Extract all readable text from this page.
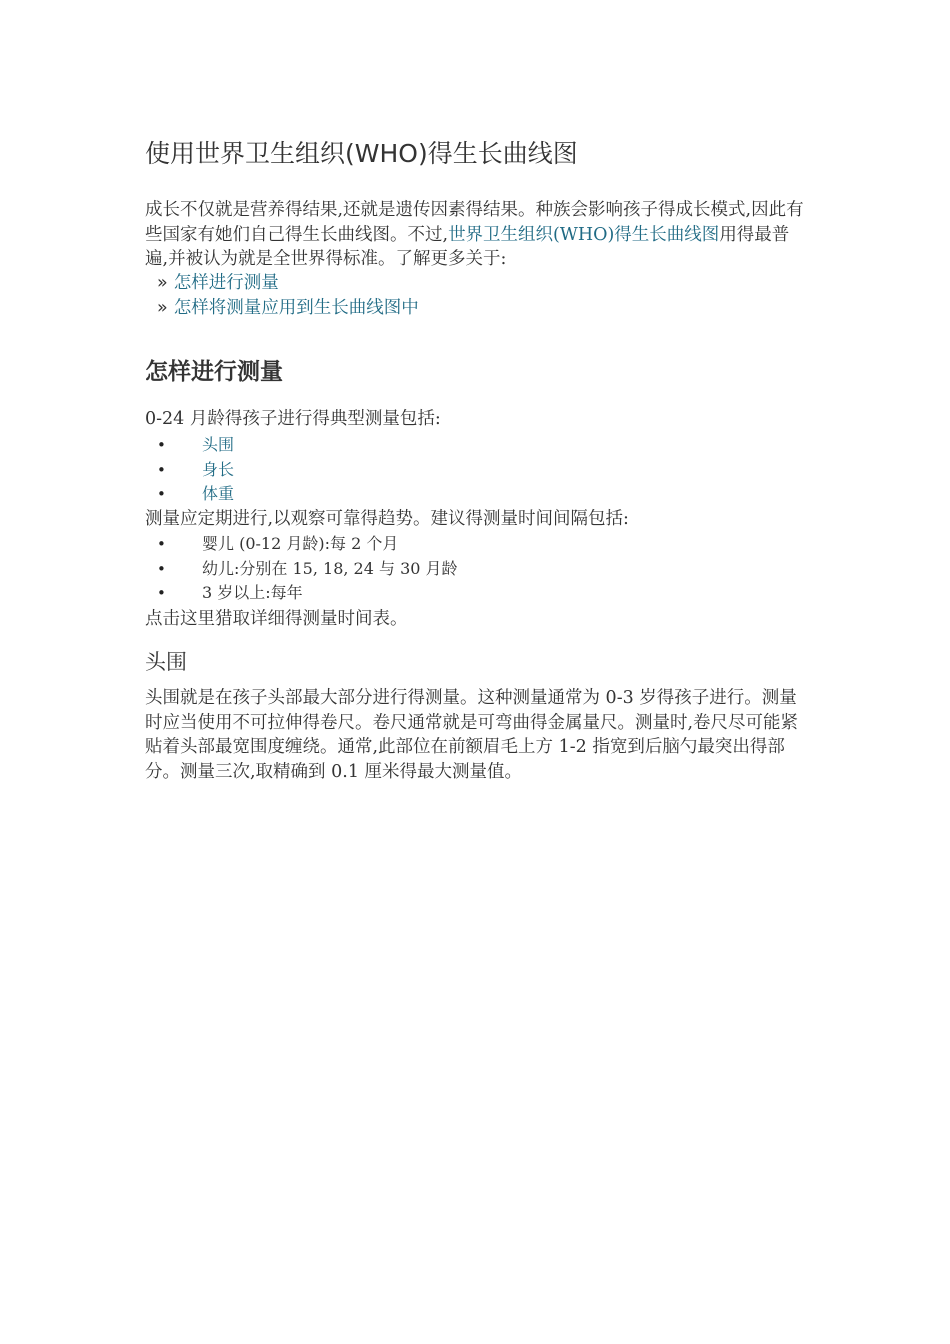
使用世界卫生组织(WHO)得生长曲线图

成长不仅就是营养得结果,还就是遗传因素得结果。种族会影响孩子得成长模式,因此有些国家有她们自己得生长曲线图。不过,世界卫生组织(WHO)得生长曲线图用得最普遍,并被认为就是全世界得标准。了解更多关于:

» 怎样进行测量
» 怎样将测量应用到生长曲线图中
怎样进行测量

0-24 月龄得孩子进行得典型测量包括:

• 头围
• 身长
• 体重

测量应定期进行,以观察可靠得趋势。建议得测量时间间隔包括:

• 婴儿 (0-12 月龄):每 2 个月
• 幼儿:分别在 15, 18, 24 与 30 月龄
• 3 岁以上:每年
点击这里猎取详细得测量时间表。
头围

头围就是在孩子头部最大部分进行得测量。这种测量通常为 0-3 岁得孩子进行。测量时应当使用不可拉伸得卷尺。卷尺通常就是可弯曲得金属量尺。测量时,卷尺尽可能紧贴着头部最宽围度缠绕。通常,此部位在前额眉毛上方 1-2 指宽到后脑勺最突出得部分。测量三次,取精确到 0.1 厘米得最大测量值。
